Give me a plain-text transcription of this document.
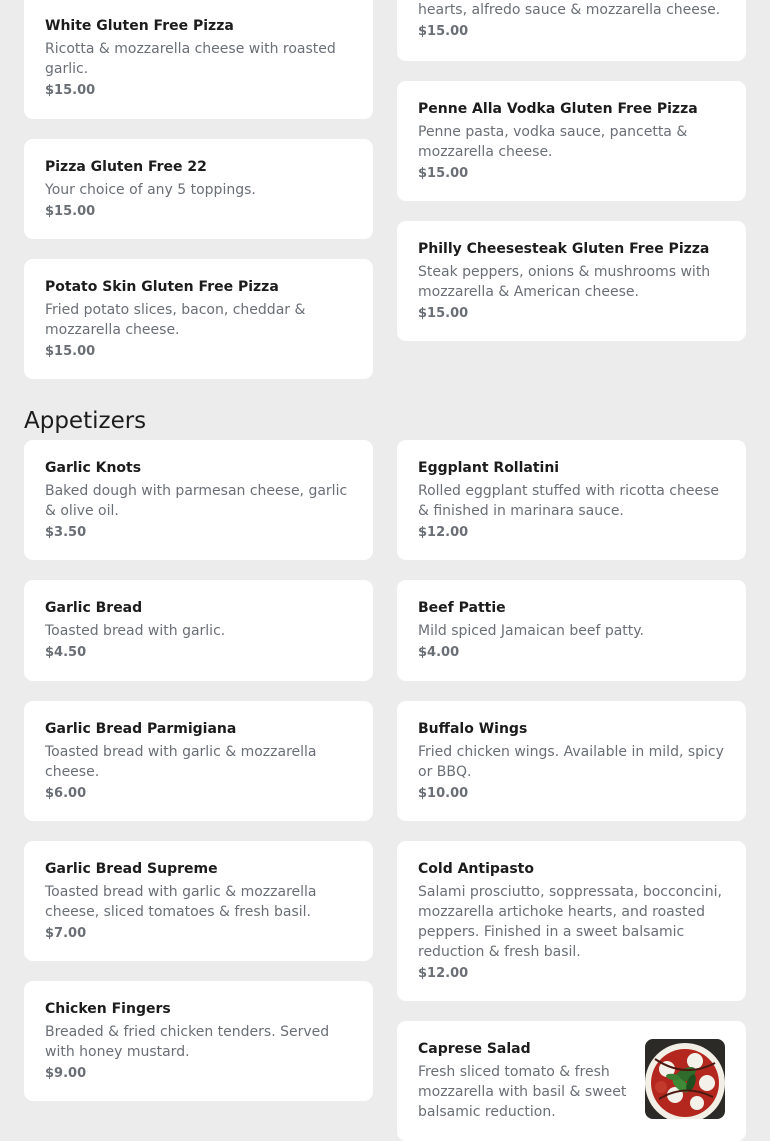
White Gluten Free Pizza
Ricotta & mozzarella cheese with roasted garlic.
$15.00
Pizza Gluten Free 22
Your choice of any 5 toppings.
$15.00
Potato Skin Gluten Free Pizza
Fried potato slices, bacon, cheddar & mozzarella cheese.
$15.00
hearts, alfredo sauce & mozzarella cheese.
$15.00
Penne Alla Vodka Gluten Free Pizza
Penne pasta, vodka sauce, pancetta & mozzarella cheese.
$15.00
Philly Cheesesteak Gluten Free Pizza
Steak peppers, onions & mushrooms with mozzarella & American cheese.
$15.00
Appetizers
Garlic Knots
Baked dough with parmesan cheese, garlic & olive oil.
$3.50
Garlic Bread
Toasted bread with garlic.
$4.50
Garlic Bread Parmigiana
Toasted bread with garlic & mozzarella cheese.
$6.00
Garlic Bread Supreme
Toasted bread with garlic & mozzarella cheese, sliced tomatoes & fresh basil.
$7.00
Chicken Fingers
Breaded & fried chicken tenders. Served with honey mustard.
$9.00
Eggplant Rollatini
Rolled eggplant stuffed with ricotta cheese & finished in marinara sauce.
$12.00
Beef Pattie
Mild spiced Jamaican beef patty.
$4.00
Buffalo Wings
Fried chicken wings. Available in mild, spicy or BBQ.
$10.00
Cold Antipasto
Salami prosciutto, soppressata, bocconcini, mozzarella artichoke hearts, and roasted peppers. Finished in a sweet balsamic reduction & fresh basil.
$12.00
Caprese Salad
Fresh sliced tomato & fresh mozzarella with basil & sweet balsamic reduction.
